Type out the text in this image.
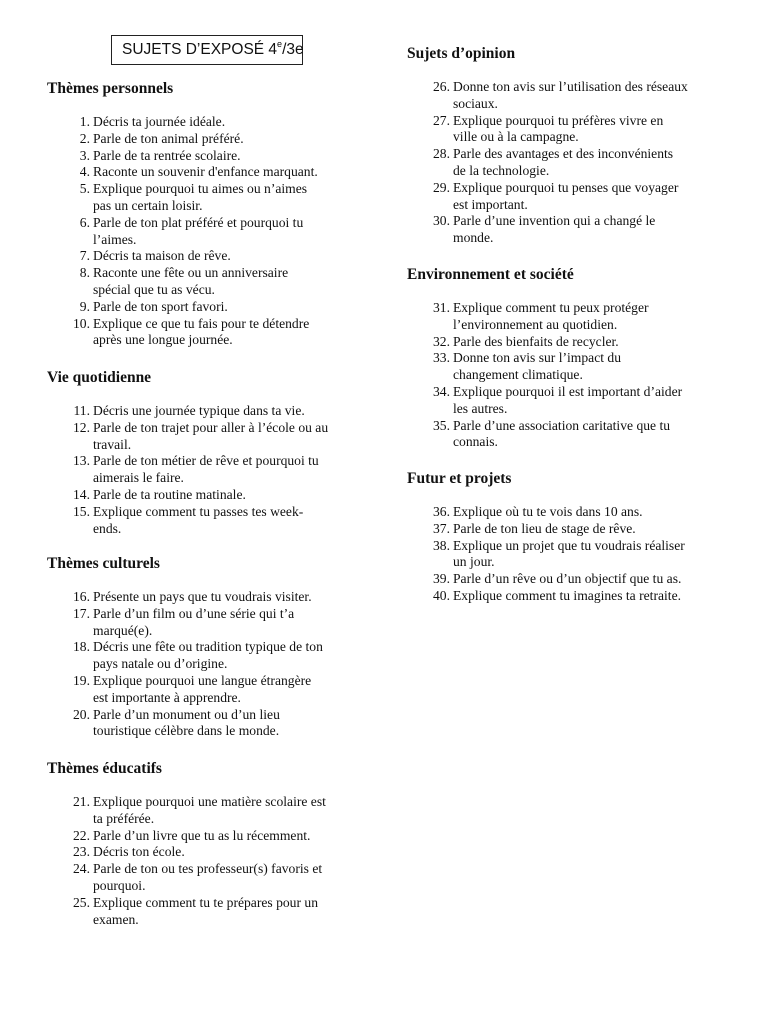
SUJETS D’EXPOSÉ 4e/3e
Thèmes personnels
1. Décris ta journée idéale.
2. Parle de ton animal préféré.
3. Parle de ta rentrée scolaire.
4. Raconte un souvenir d'enfance marquant.
5. Explique pourquoi tu aimes ou n’aimes
pas un certain loisir.
6. Parle de ton plat préféré et pourquoi tu
l’aimes.
7. Décris ta maison de rêve.
8. Raconte une fête ou un anniversaire
spécial que tu as vécu.
9. Parle de ton sport favori.
10. Explique ce que tu fais pour te détendre
après une longue journée.
Vie quotidienne
11. Décris une journée typique dans ta vie.
12. Parle de ton trajet pour aller à l’école ou au
travail.
13. Parle de ton métier de rêve et pourquoi tu
aimerais le faire.
14. Parle de ta routine matinale.
15. Explique comment tu passes tes week-
ends.
Thèmes culturels
16. Présente un pays que tu voudrais visiter.
17. Parle d’un film ou d’une série qui t’a
marqué(e).
18. Décris une fête ou tradition typique de ton
pays natale ou d’origine.
19. Explique pourquoi une langue étrangère
est importante à apprendre.
20. Parle d’un monument ou d’un lieu
touristique célèbre dans le monde.
Thèmes éducatifs
21. Explique pourquoi une matière scolaire est
ta préférée.
22. Parle d’un livre que tu as lu récemment.
23. Décris ton école.
24. Parle de ton ou tes professeur(s) favoris et
pourquoi.
25. Explique comment tu te prépares pour un
examen.
Sujets d’opinion
26. Donne ton avis sur l’utilisation des réseaux
sociaux.
27. Explique pourquoi tu préfères vivre en
ville ou à la campagne.
28. Parle des avantages et des inconvénients
de la technologie.
29. Explique pourquoi tu penses que voyager
est important.
30. Parle d’une invention qui a changé le
monde.
Environnement et société
31. Explique comment tu peux protéger
l’environnement au quotidien.
32. Parle des bienfaits de recycler.
33. Donne ton avis sur l’impact du
changement climatique.
34. Explique pourquoi il est important d’aider
les autres.
35. Parle d’une association caritative que tu
connais.
Futur et projets
36. Explique où tu te vois dans 10 ans.
37. Parle de ton lieu de stage de rêve.
38. Explique un projet que tu voudrais réaliser
un jour.
39. Parle d’un rêve ou d’un objectif que tu as.
40. Explique comment tu imagines ta retraite.
